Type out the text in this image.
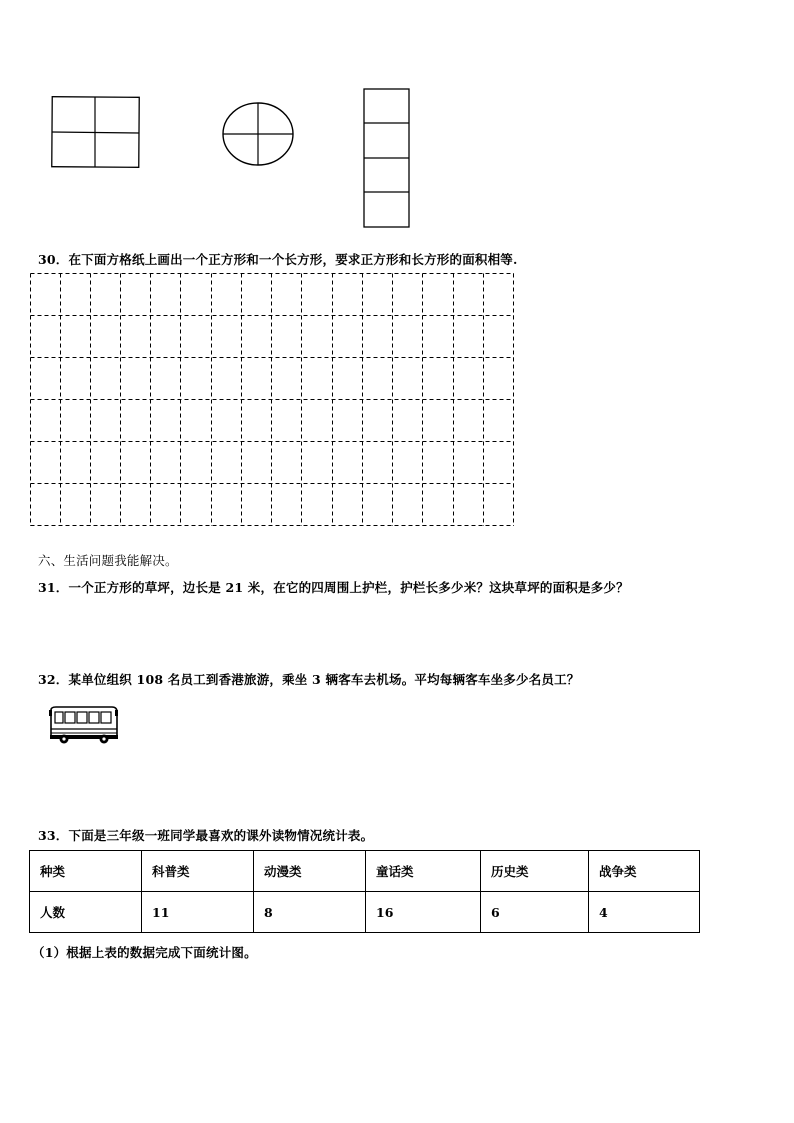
30．在下面方格纸上画出一个正方形和一个长方形，要求正方形和长方形的面积相等.
六、生活问题我能解决。
31．一个正方形的草坪，边长是 21 米，在它的四周围上护栏，护栏长多少米？这块草坪的面积是多少？
32．某单位组织 108 名员工到香港旅游，乘坐 3 辆客车去机场。平均每辆客车坐多少名员工？
33．下面是三年级一班同学最喜欢的课外读物情况统计表。
种类	科普类	动漫类	童话类	历史类	战争类
人数	11	8	16	6	4
（1）根据上表的数据完成下面统计图。
